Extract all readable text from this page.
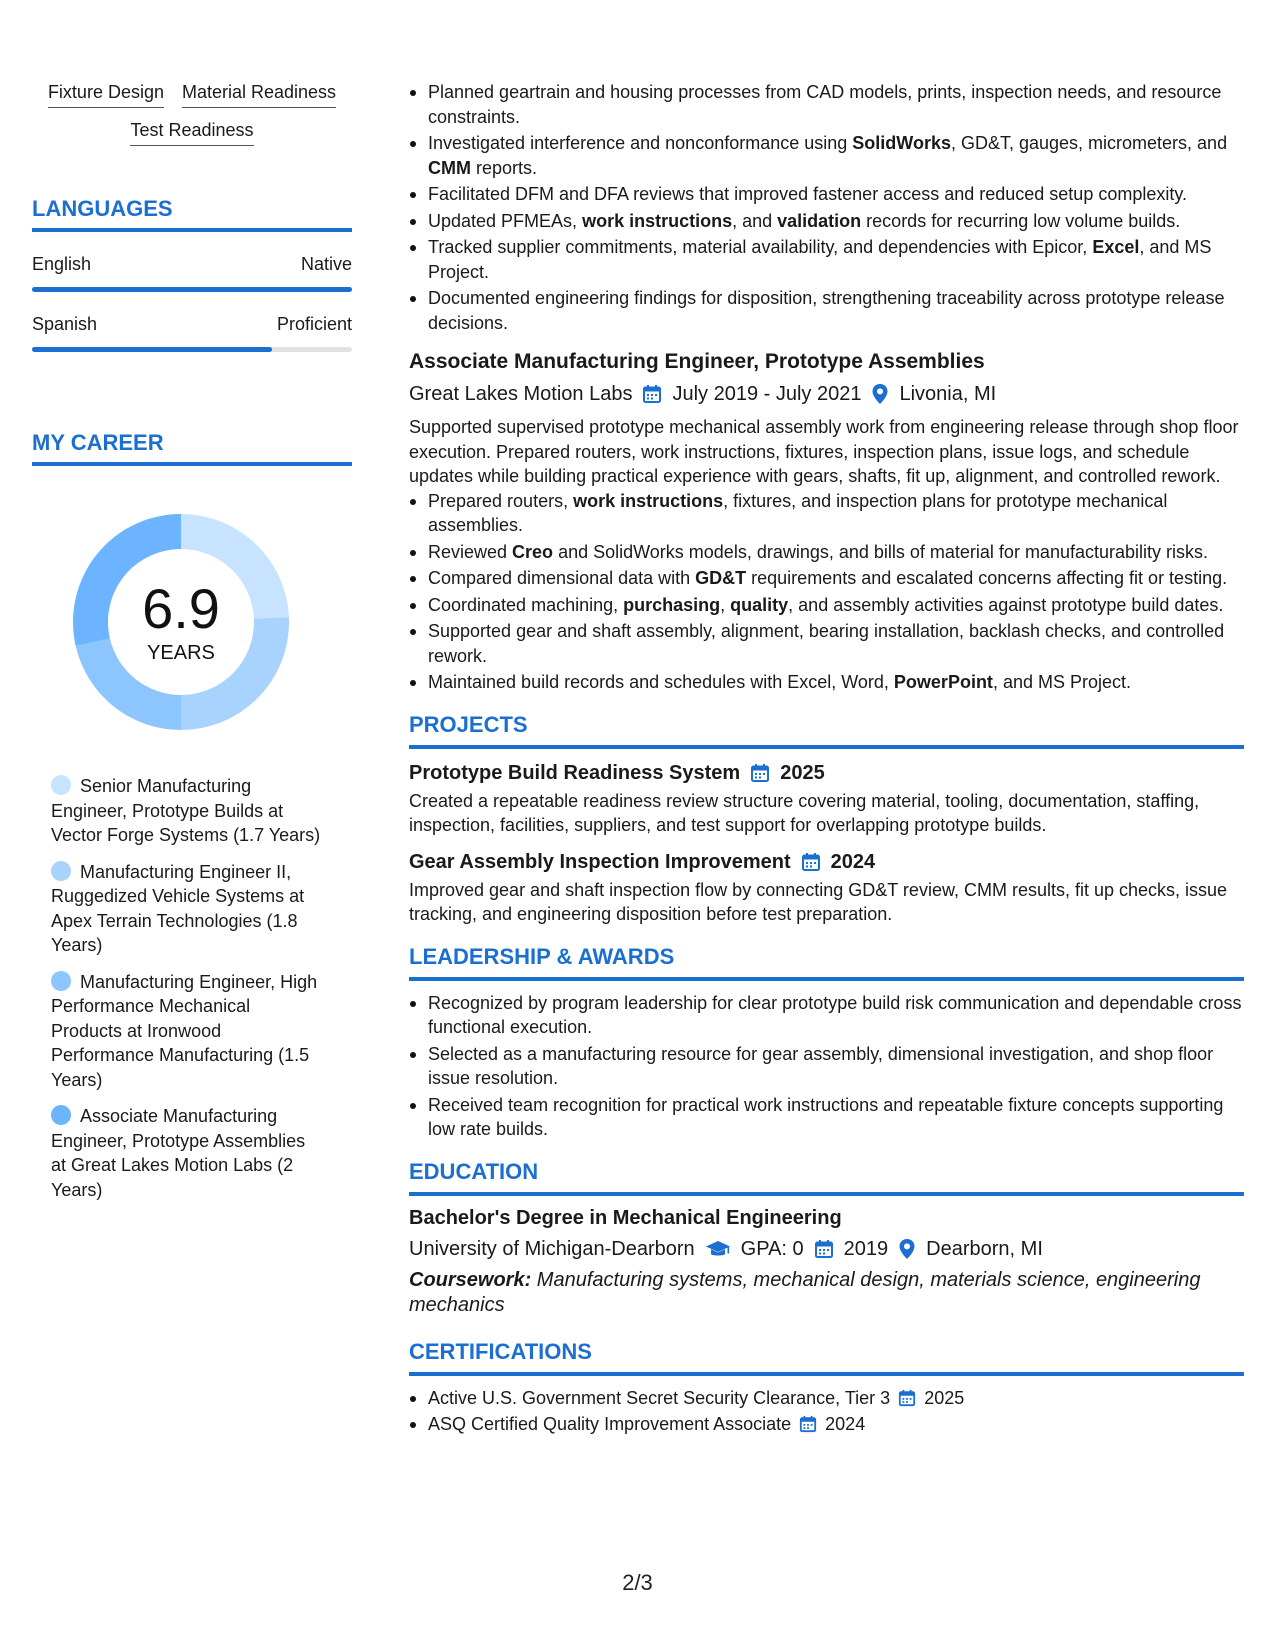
Fixture Design Material Readiness
Test Readiness
LANGUAGES
English	Native
Spanish	Proficient
MY CAREER
6.9
YEARS
Senior Manufacturing Engineer, Prototype Builds at Vector Forge Systems (1.7 Years)
Manufacturing Engineer II, Ruggedized Vehicle Systems at Apex Terrain Technologies (1.8 Years)
Manufacturing Engineer, High Performance Mechanical Products at Ironwood Performance Manufacturing (1.5 Years)
Associate Manufacturing Engineer, Prototype Assemblies at Great Lakes Motion Labs (2 Years)
Planned geartrain and housing processes from CAD models, prints, inspection needs, and resource constraints.
Investigated interference and nonconformance using SolidWorks, GD&T, gauges, micrometers, and CMM reports.
Facilitated DFM and DFA reviews that improved fastener access and reduced setup complexity.
Updated PFMEAs, work instructions, and validation records for recurring low volume builds.
Tracked supplier commitments, material availability, and dependencies with Epicor, Excel, and MS Project.
Documented engineering findings for disposition, strengthening traceability across prototype release decisions.
Associate Manufacturing Engineer, Prototype Assemblies
Great Lakes Motion Labs July 2019 - July 2021 Livonia, MI
Supported supervised prototype mechanical assembly work from engineering release through shop floor execution. Prepared routers, work instructions, fixtures, inspection plans, issue logs, and schedule updates while building practical experience with gears, shafts, fit up, alignment, and controlled rework.
Prepared routers, work instructions, fixtures, and inspection plans for prototype mechanical assemblies.
Reviewed Creo and SolidWorks models, drawings, and bills of material for manufacturability risks.
Compared dimensional data with GD&T requirements and escalated concerns affecting fit or testing.
Coordinated machining, purchasing, quality, and assembly activities against prototype build dates.
Supported gear and shaft assembly, alignment, bearing installation, backlash checks, and controlled rework.
Maintained build records and schedules with Excel, Word, PowerPoint, and MS Project.
PROJECTS
Prototype Build Readiness System 2025
Created a repeatable readiness review structure covering material, tooling, documentation, staffing, inspection, facilities, suppliers, and test support for overlapping prototype builds.
Gear Assembly Inspection Improvement 2024
Improved gear and shaft inspection flow by connecting GD&T review, CMM results, fit up checks, issue tracking, and engineering disposition before test preparation.
LEADERSHIP & AWARDS
Recognized by program leadership for clear prototype build risk communication and dependable cross functional execution.
Selected as a manufacturing resource for gear assembly, dimensional investigation, and shop floor issue resolution.
Received team recognition for practical work instructions and repeatable fixture concepts supporting low rate builds.
EDUCATION
Bachelor's Degree in Mechanical Engineering
University of Michigan-Dearborn GPA: 0 2019 Dearborn, MI
Coursework: Manufacturing systems, mechanical design, materials science, engineering mechanics
CERTIFICATIONS
Active U.S. Government Secret Security Clearance, Tier 3 2025
ASQ Certified Quality Improvement Associate 2024
2/3
